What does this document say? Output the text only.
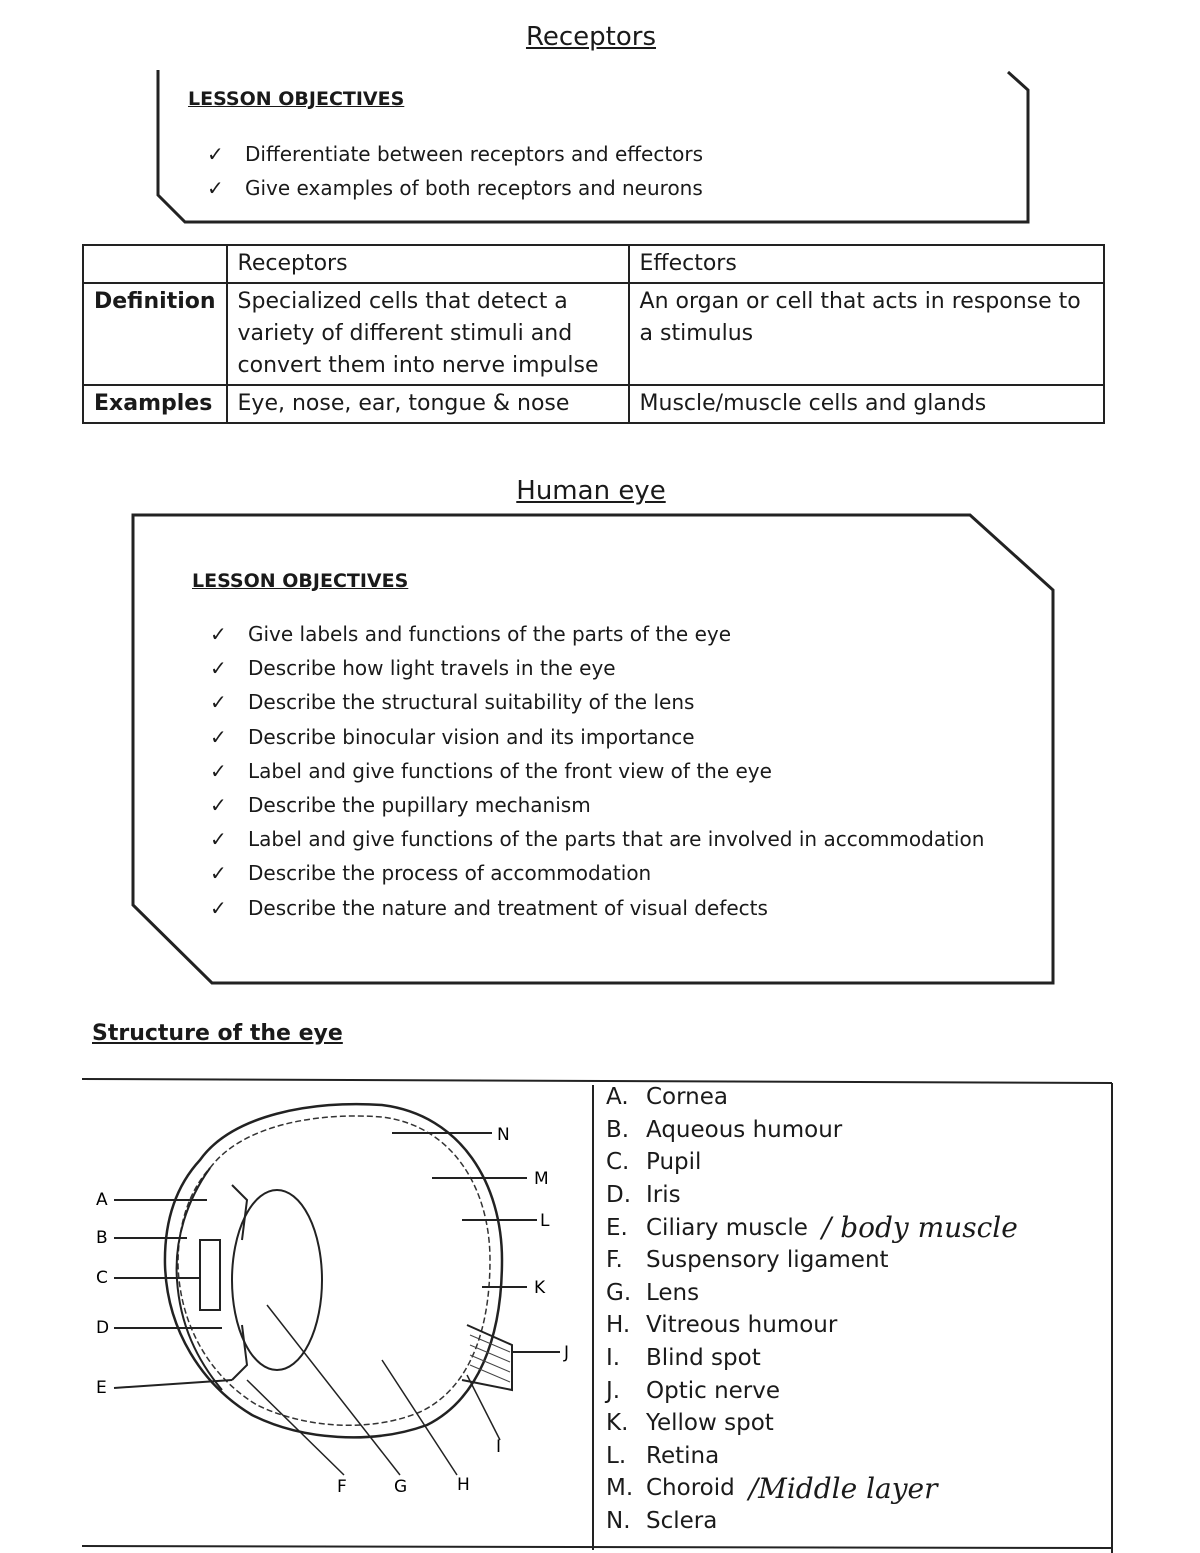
Receptors
LESSON OBJECTIVES
✓	Differentiate between receptors and effectors
✓	Give examples of both receptors and neurons
	Receptors	Effectors
Definition	Specialized cells that detect a variety of different stimuli and convert them into nerve impulse	An organ or cell that acts in response to a stimulus
Examples	Eye, nose, ear, tongue & nose	Muscle/muscle cells and glands
Human eye
LESSON OBJECTIVES
✓	Give labels and functions of the parts of the eye
✓	Describe how light travels in the eye
✓	Describe the structural suitability of the lens
✓	Describe binocular vision and its importance
✓	Label and give functions of the front view of the eye
✓	Describe the pupillary mechanism
✓	Label and give functions of the parts that are involved in accommodation
✓	Describe the process of accommodation
✓	Describe the nature and treatment of visual defects
Structure of the eye
A
B
C
D
E
F	G	H
I
J
K
L
M
N
A. Cornea
B. Aqueous humour
C. Pupil
D. Iris
E. Ciliary muscle / body muscle
F.	Suspensory ligament
G. Lens
H. Vitreous humour
I.	Blind spot
J.	Optic nerve
K. Yellow spot
L. Retina
M. Choroid /Middle layer
N. Sclera
